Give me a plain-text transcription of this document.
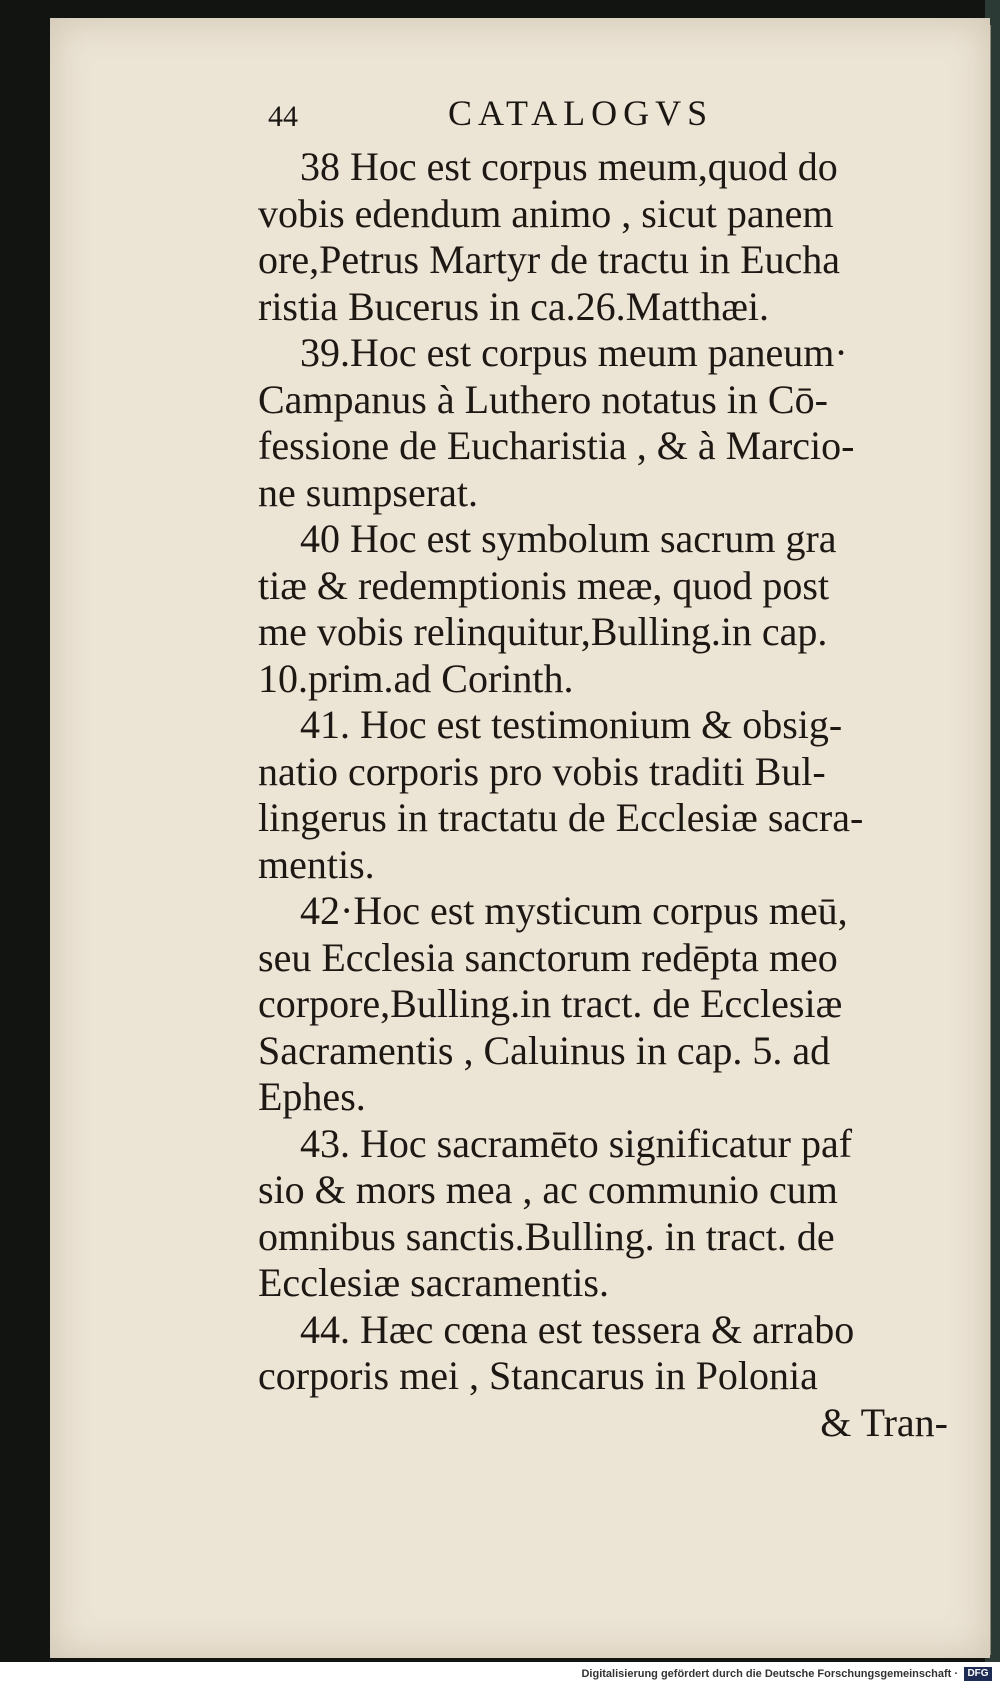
44	CATALOGVS
38 Hoc est corpus meum,quod do
vobis edendum animo , sicut panem
ore,Petrus Martyr de tractu in Eucha
ristia Bucerus in ca.26.Matthæi.
39.Hoc est corpus meum paneum·
Campanus à Luthero notatus in Cō-
fessione de Eucharistia , & à Marcio-
ne sumpserat.
40 Hoc est symbolum sacrum gra
tiæ & redemptionis meæ, quod post
me vobis relinquitur,Bulling.in cap.
10.prim.ad Corinth.
41. Hoc est testimonium & obsig-
natio corporis pro vobis traditi Bul-
lingerus in tractatu de Ecclesiæ sacra-
mentis.
42·Hoc est mysticum corpus meū,
seu Ecclesia sanctorum redēpta meo
corpore,Bulling.in tract. de Ecclesiæ
Sacramentis , Caluinus in cap. 5. ad
Ephes.
43. Hoc sacramēto significatur paf
sio & mors mea , ac communio cum
omnibus sanctis.Bulling. in tract. de
Ecclesiæ sacramentis.
44. Hæc cœna est tessera & arrabo
corporis mei , Stancarus in Polonia
& Tran-
Digitalisierung gefördert durch die Deutsche Forschungsgemeinschaft · DFG
